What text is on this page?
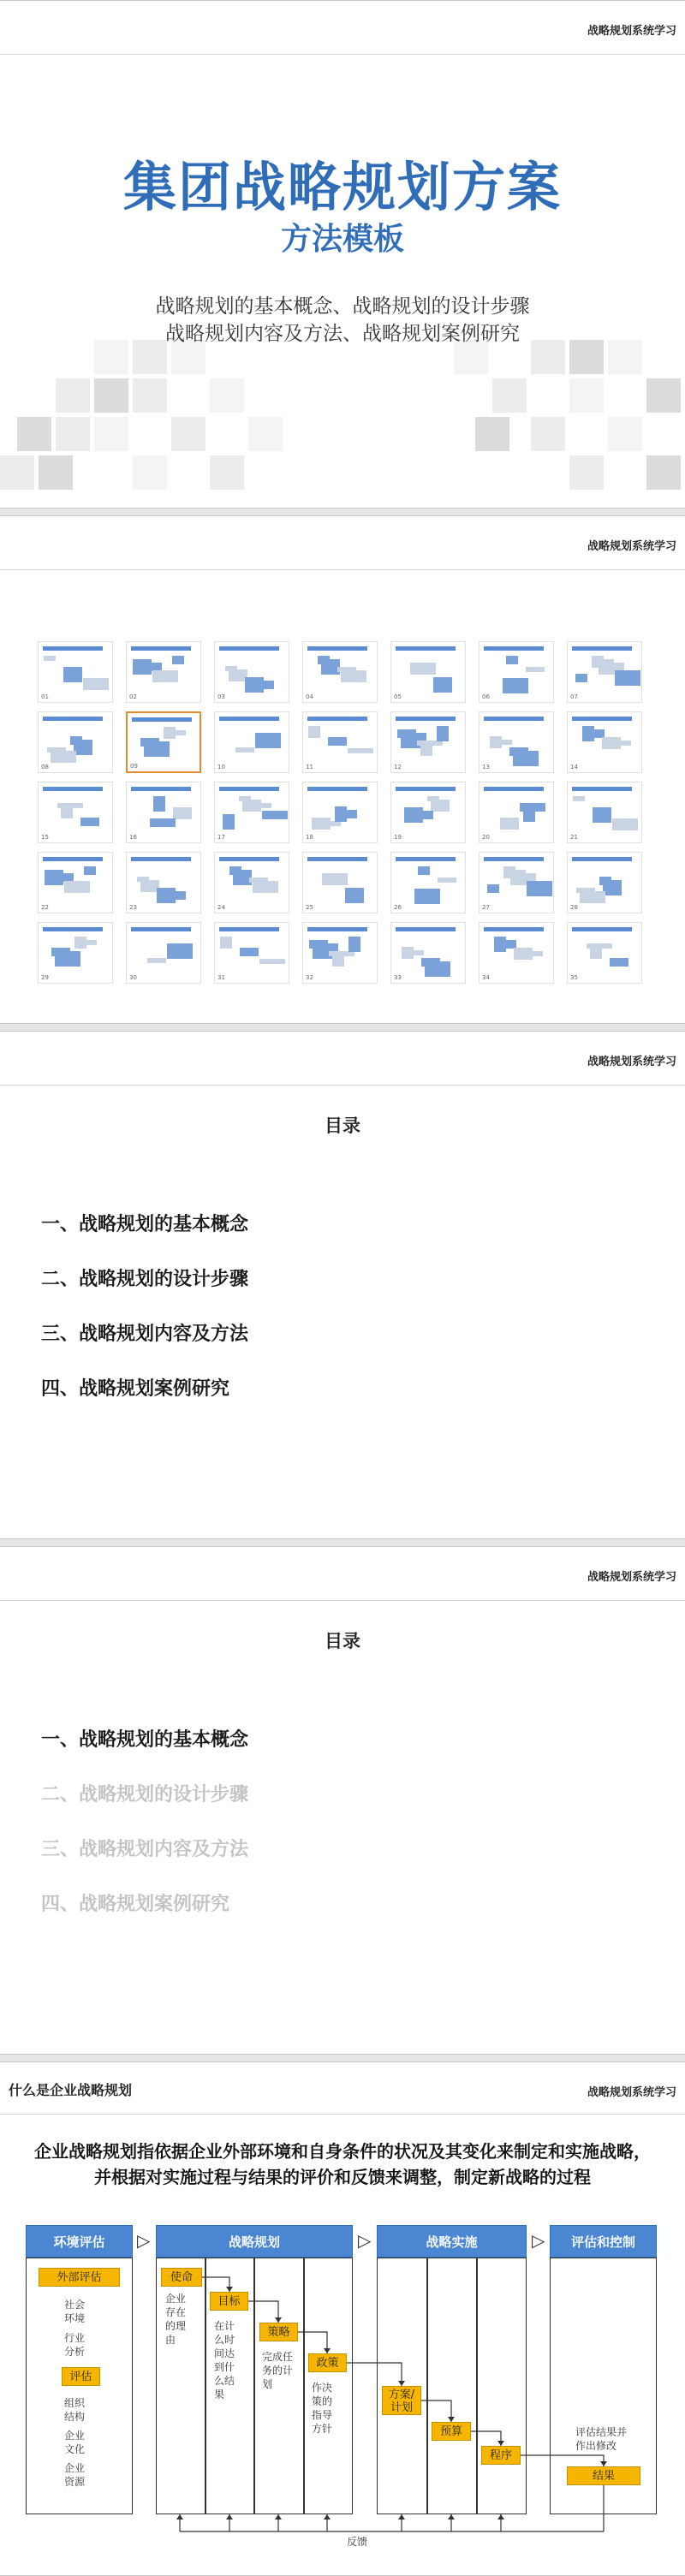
战略规划系统学习
集团战略规划方案
方法模板
战略规划的基本概念、战略规划的设计步骤
战略规划内容及方法、战略规划案例研究
战略规划系统学习
01	02	03	04	05	06	07
08	09	10	11	12	13	14
15	16	17	18	19	20	21
22	23	24	25	26	27	28
29	30	31	32	33	34	35
战略规划系统学习
目录
一、战略规划的基本概念
二、战略规划的设计步骤
三、战略规划内容及方法
四、战略规划案例研究
战略规划系统学习
目录
一、战略规划的基本概念
二、战略规划的设计步骤
三、战略规划内容及方法
四、战略规划案例研究
什么是企业战略规划	战略规划系统学习
企业战略规划指依据企业外部环境和自身条件的状况及其变化来制定和实施战略，
并根据对实施过程与结果的评价和反馈来调整，制定新战略的过程
环境评估	战略规划	战略实施	评估和控制
▷	▷	▷
外部评估
社会
环境
行业
分析
评估
组织
结构
企业
文化
企业
资源
使命
企业
存在
的理
由
目标
在计
么时
间达
到什
么结
果
策略
完成任
务的计
划
政策
作决
策的
指导
方针
方案/
计划
预算
程序
评估结果并
作出修改
结果
反馈
